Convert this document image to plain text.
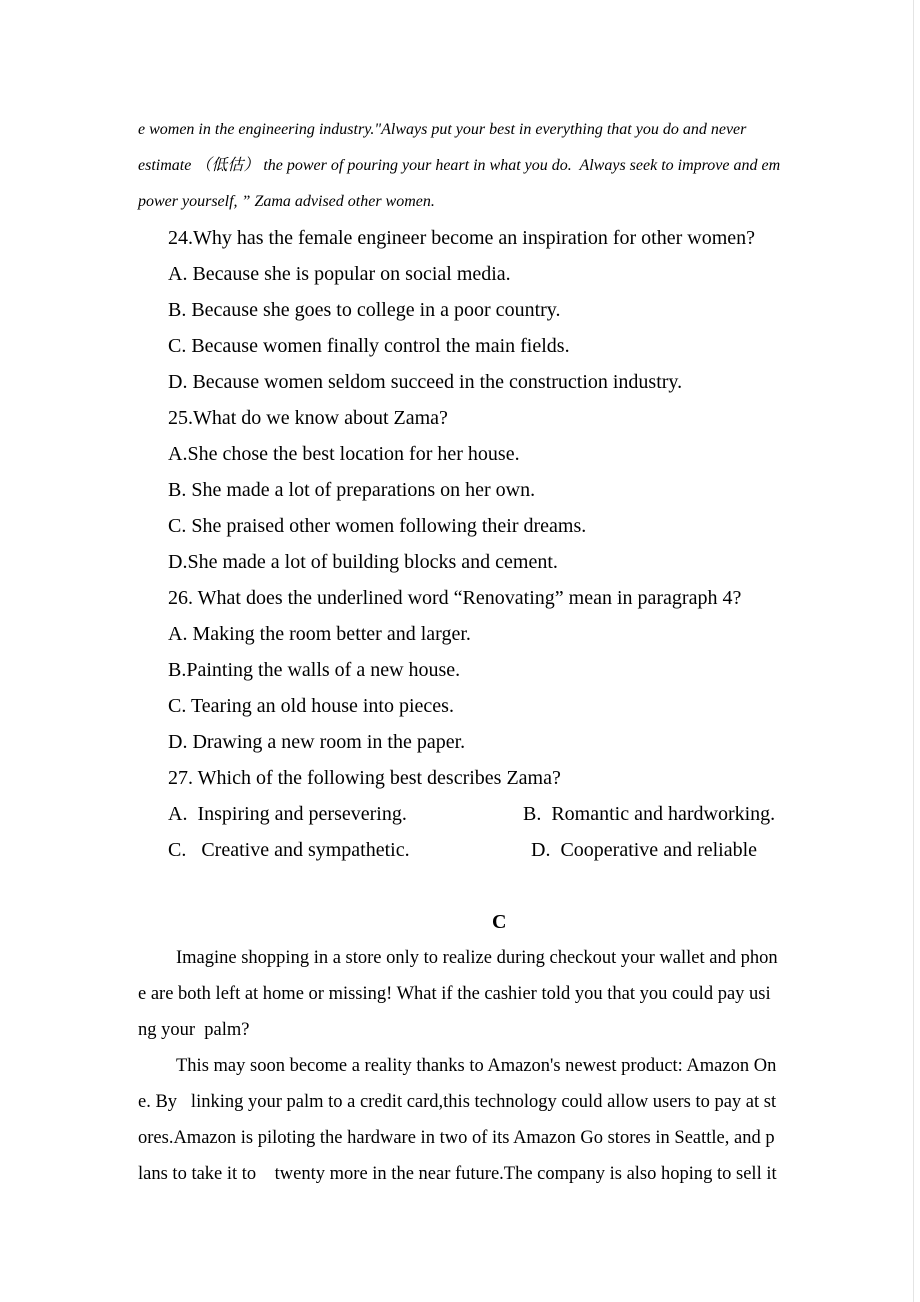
e women in the engineering industry."Always put your best in everything that you do and never
estimate （低估） the power of pouring your heart in what you do.  Always seek to improve and em
power yourself, ” Zama advised other women.
24.Why has the female engineer become an inspiration for other women?
A. Because she is popular on social media.
B. Because she goes to college in a poor country.
C. Because women finally control the main fields.
D. Because women seldom succeed in the construction industry.
25.What do we know about Zama?
A.She chose the best location for her house.
B. She made a lot of preparations on her own.
C. She praised other women following their dreams.
D.She made a lot of building blocks and cement.
26. What does the underlined word “Renovating” mean in paragraph 4?
A. Making the room better and larger.
B.Painting the walls of a new house.
C. Tearing an old house into pieces.
D. Drawing a new room in the paper.
27. Which of the following best describes Zama?
A.  Inspiring and persevering.	B.  Romantic and hardworking.
C.   Creative and sympathetic.	D.  Cooperative and reliable
C
Imagine shopping in a store only to realize during checkout your wallet and phon
e are both left at home or missing! What if the cashier told you that you could pay usi
ng your  palm?
This may soon become a reality thanks to Amazon's newest product: Amazon On
e. By   linking your palm to a credit card,this technology could allow users to pay at st
ores.Amazon is piloting the hardware in two of its Amazon Go stores in Seattle, and p
lans to take it to    twenty more in the near future.The company is also hoping to sell it
